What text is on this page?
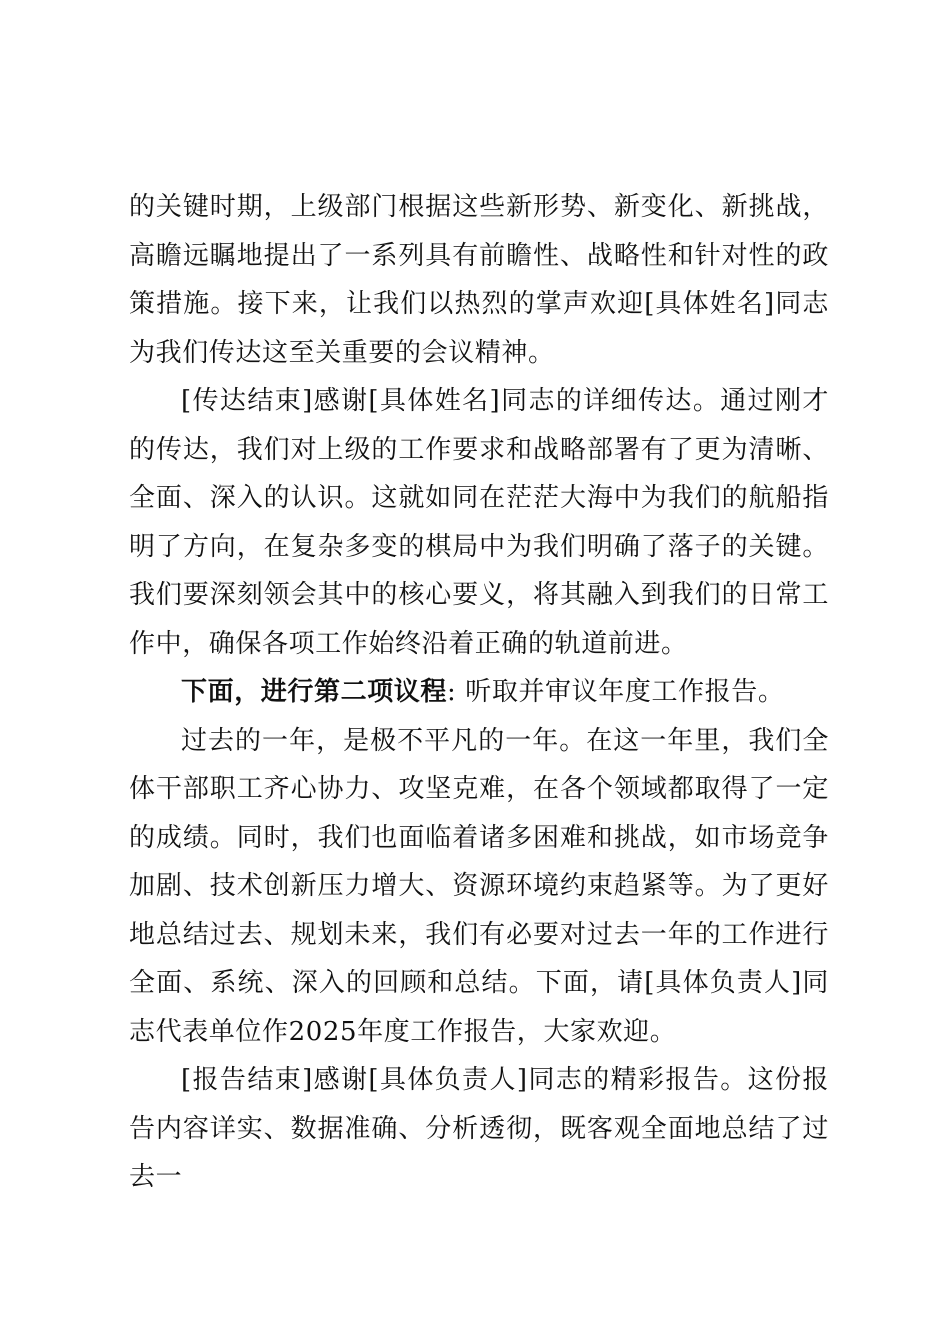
的关键时期，上级部门根据这些新形势、新变化、新挑战，高瞻远瞩地提出了一系列具有前瞻性、战略性和针对性的政策措施。接下来，让我们以热烈的掌声欢迎[具体姓名]同志为我们传达这至关重要的会议精神。

[传达结束]感谢[具体姓名]同志的详细传达。通过刚才的传达，我们对上级的工作要求和战略部署有了更为清晰、全面、深入的认识。这就如同在茫茫大海中为我们的航船指明了方向，在复杂多变的棋局中为我们明确了落子的关键。我们要深刻领会其中的核心要义，将其融入到我们的日常工作中，确保各项工作始终沿着正确的轨道前进。

下面，进行第二项议程: 听取并审议年度工作报告。

过去的一年，是极不平凡的一年。在这一年里，我们全体干部职工齐心协力、攻坚克难，在各个领域都取得了一定的成绩。同时，我们也面临着诸多困难和挑战，如市场竞争加剧、技术创新压力增大、资源环境约束趋紧等。为了更好地总结过去、规划未来，我们有必要对过去一年的工作进行全面、系统、深入的回顾和总结。下面，请[具体负责人]同志代表单位作2025年度工作报告，大家欢迎。

[报告结束]感谢[具体负责人]同志的精彩报告。这份报告内容详实、数据准确、分析透彻，既客观全面地总结了过去一
